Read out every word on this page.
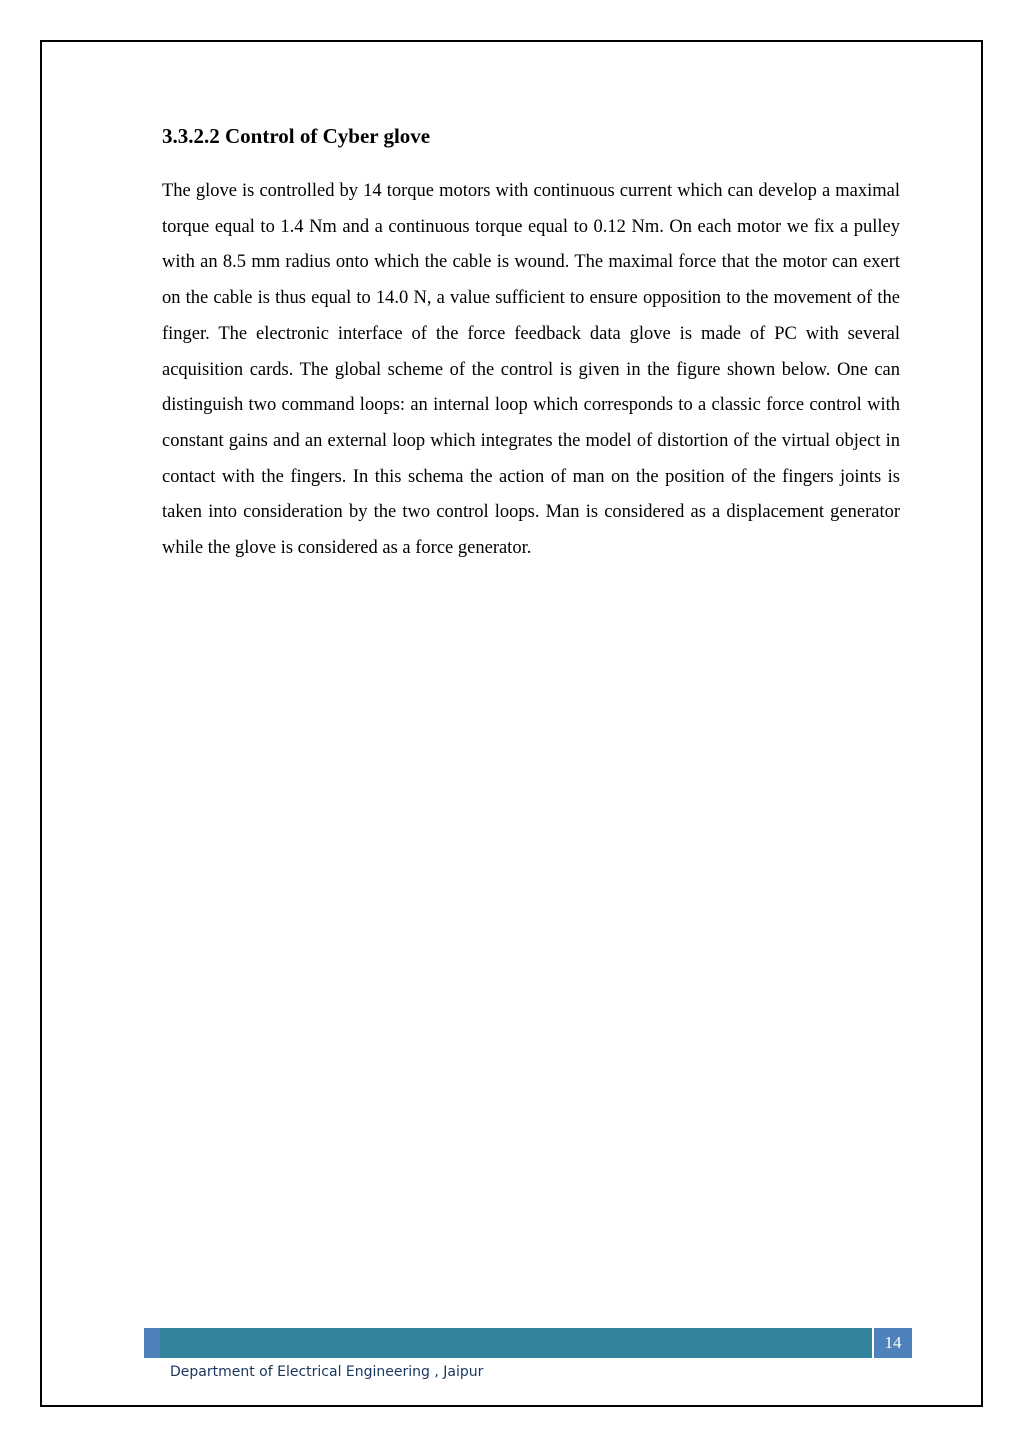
3.3.2.2 Control of Cyber glove

The glove is controlled by 14 torque motors with continuous current which can develop a maximal torque equal to 1.4 Nm and a continuous torque equal to 0.12 Nm. On each motor we fix a pulley with an 8.5 mm radius onto which the cable is wound. The maximal force that the motor can exert on the cable is thus equal to 14.0 N, a value sufficient to ensure opposition to the movement of the finger. The electronic interface of the force feedback data glove is made of PC with several acquisition cards. The global scheme of the control is given in the figure shown below. One can distinguish two command loops: an internal loop which corresponds to a classic force control with constant gains and an external loop which integrates the model of distortion of the virtual object in contact with the fingers. In this schema the action of man on the position of the fingers joints is taken into consideration by the two control loops. Man is considered as a displacement generator while the glove is considered as a force generator.

14
Department of Electrical Engineering , Jaipur
